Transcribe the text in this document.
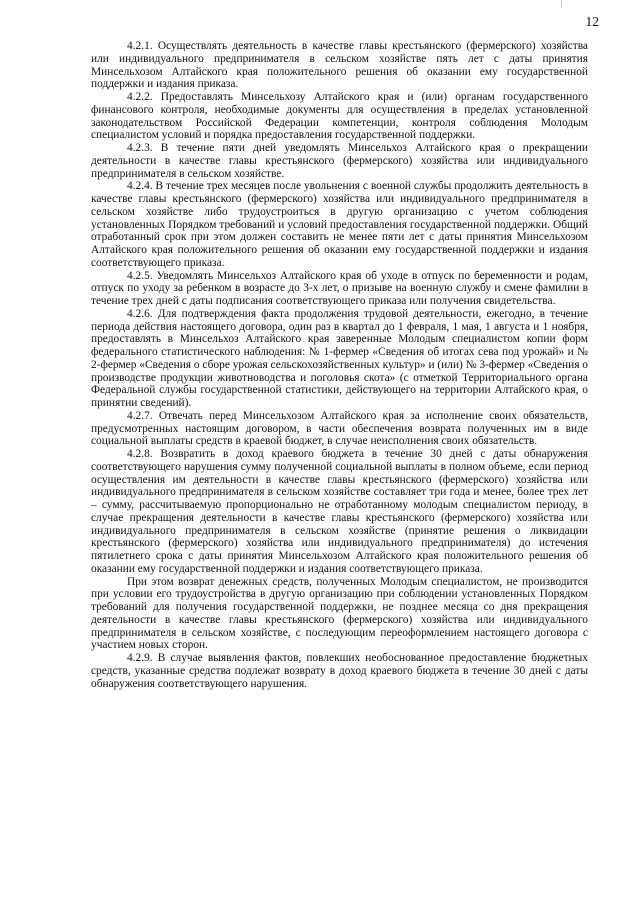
12

4.2.1. Осуществлять деятельность в качестве главы крестьянского (фермерского) хозяйства или индивидуального предпринимателя в сельском хозяйстве пять лет с даты принятия Минсельхозом Алтайского края положительного решения об оказании ему государственной поддержки и издания приказа.

4.2.2. Предоставлять Минсельхозу Алтайского края и (или) органам государственного финансового контроля, необходимые документы для осуществления в пределах установленной законодательством Российской Федерации компетенции, контроля соблюдения Молодым специалистом условий и порядка предоставления государственной поддержки.

4.2.3. В течение пяти дней уведомлять Минсельхоз Алтайского края о прекращении деятельности в качестве главы крестьянского (фермерского) хозяйства или индивидуального предпринимателя в сельском хозяйстве.

4.2.4. В течение трех месяцев после увольнения с военной службы продолжить деятельность в качестве главы крестьянского (фермерского) хозяйства или индивидуального предпринимателя в сельском хозяйстве либо трудоустроиться в другую организацию с учетом соблюдения установленных Порядком требований и условий предоставления государственной поддержки. Общий отработанный срок при этом должен составить не менее пяти лет с даты принятия Минсельхозом Алтайского края положительного решения об оказании ему государственной поддержки и издания соответствующего приказа.

4.2.5. Уведомлять Минсельхоз Алтайского края об уходе в отпуск по беременности и родам, отпуск по уходу за ребенком в возрасте до 3-х лет, о призыве на военную службу и смене фамилии в течение трех дней с даты подписания соответствующего приказа или получения свидетельства.

4.2.6. Для подтверждения факта продолжения трудовой деятельности, ежегодно, в течение периода действия настоящего договора, один раз в квартал до 1 февраля, 1 мая, 1 августа и 1 ноября, предоставлять в Минсельхоз Алтайского края заверенные Молодым специалистом копии форм федерального статистического наблюдения: № 1-фермер «Сведения об итогах сева под урожай» и № 2-фермер «Сведения о сборе урожая сельскохозяйственных культур» и (или) № 3-фермер «Сведения о производстве продукции животноводства и поголовья скота» (с отметкой Территориального органа Федеральной службы государственной статистики, действующего на территории Алтайского края, о принятии сведений).

4.2.7. Отвечать перед Минсельхозом Алтайского края за исполнение своих обязательств, предусмотренных настоящим договором, в части обеспечения возврата полученных им в виде социальной выплаты средств в краевой бюджет, в случае неисполнения своих обязательств.

4.2.8. Возвратить в доход краевого бюджета в течение 30 дней с даты обнаружения соответствующего нарушения сумму полученной социальной выплаты в полном объеме, если период осуществления им деятельности в качестве главы крестьянского (фермерского) хозяйства или индивидуального предпринимателя в сельском хозяйстве составляет три года и менее, более трех лет – сумму, рассчитываемую пропорционально не отработанному молодым специалистом периоду, в случае прекращения деятельности в качестве главы крестьянского (фермерского) хозяйства или индивидуального предпринимателя в сельском хозяйстве (принятие решения о ликвидации крестьянского (фермерского) хозяйства или индивидуального предпринимателя) до истечения пятилетнего срока с даты принятия Минсельхозом Алтайского края положительного решения об оказании ему государственной поддержки и издания соответствующего приказа.

При этом возврат денежных средств, полученных Молодым специалистом, не производится при условии его трудоустройства в другую организацию при соблюдении установленных Порядком требований для получения государственной поддержки, не позднее месяца со дня прекращения деятельности в качестве главы крестьянского (фермерского) хозяйства или индивидуального предпринимателя в сельском хозяйстве, с последующим переоформлением настоящего договора с участием новых сторон.

4.2.9. В случае выявления фактов, повлекших необоснованное предоставление бюджетных средств, указанные средства подлежат возврату в доход краевого бюджета в течение 30 дней с даты обнаружения соответствующего нарушения.
